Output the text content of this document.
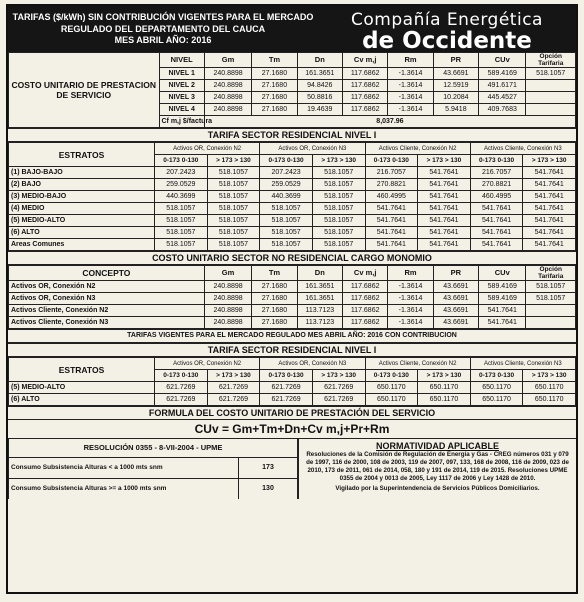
TARIFAS ($/kWh) SIN CONTRIBUCIÓN VIGENTES PARA EL MERCADO
REGULADO DEL DEPARTAMENTO DEL CAUCA
MES ABRIL AÑO: 2016
Compañía Energética
de Occidente
COSTO UNITARIO DE PRESTACION DE SERVICIO	NIVEL	Gm	Tm	Dn	Cv m,j	Rm	PR	CUv	Opción Tarifaria
	NIVEL 1	240.8898	27.1680	161.3651	117.6862	-1.3614	43.6691	589.4169	518.1057
	NIVEL 2	240.8898	27.1680	94.8426	117.6862	-1.3614	12.5919	491.6171	
	NIVEL 3	240.8898	27.1680	50.8816	117.6862	-1.3614	10.2084	445.4527	
	NIVEL 4	240.8898	27.1680	19.4639	117.6862	-1.3614	5.9418	409.7683	
	Cf m,j $/factura	8,037.96							
TARIFA SECTOR RESIDENCIAL NIVEL I
ESTRATOS	Activos OR, Conexión N2		Activos OR, Conexión N3		Activos Cliente, Conexión N2		Activos Cliente, Conexión N3	
	0-173 0-130	> 173 > 130	0-173 0-130	> 173 > 130	0-173 0-130	> 173 > 130	0-173 0-130	> 173 > 130
(1) BAJO-BAJO	207.2423	518.1057	207.2423	518.1057	216.7057	541.7641	216.7057	541.7641
(2) BAJO	259.0529	518.1057	259.0529	518.1057	270.8821	541.7641	270.8821	541.7641
(3) MEDIO-BAJO	440.3699	518.1057	440.3699	518.1057	460.4995	541.7641	460.4995	541.7641
(4) MEDIO	518.1057	518.1057	518.1057	518.1057	541.7641	541.7641	541.7641	541.7641
(5) MEDIO-ALTO	518.1057	518.1057	518.1057	518.1057	541.7641	541.7641	541.7641	541.7641
(6) ALTO	518.1057	518.1057	518.1057	518.1057	541.7641	541.7641	541.7641	541.7641
Areas Comunes	518.1057	518.1057	518.1057	518.1057	541.7641	541.7641	541.7641	541.7641
COSTO UNITARIO SECTOR NO RESIDENCIAL CARGO MONOMIO
CONCEPTO	Gm	Tm	Dn	Cv m,j	Rm	PR	CUv	Opción Tarifaria
Activos OR, Conexión N2	240.8898	27.1680	161.3651	117.6862	-1.3614	43.6691	589.4169	518.1057
Activos OR, Conexión N3	240.8898	27.1680	161.3651	117.6862	-1.3614	43.6691	589.4169	518.1057
Activos Cliente, Conexión N2	240.8898	27.1680	113.7123	117.6862	-1.3614	43.6691	541.7641	
Activos Cliente, Conexión N3	240.8898	27.1680	113.7123	117.6862	-1.3614	43.6691	541.7641	
TARIFAS VIGENTES PARA EL MERCADO REGULADO MES ABRIL AÑO: 2016 CON CONTRIBUCION
TARIFA SECTOR RESIDENCIAL NIVEL I
ESTRATOS	Activos OR, Conexión N2		Activos OR, Conexión N3		Activos Cliente, Conexión N2		Activos Cliente, Conexión N3	
	0-173 0-130	> 173 > 130	0-173 0-130	> 173 > 130	0-173 0-130	> 173 > 130	0-173 0-130	> 173 > 130
(5) MEDIO-ALTO	621.7269	621.7269	621.7269	621.7269	650.1170	650.1170	650.1170	650.1170
(6) ALTO	621.7269	621.7269	621.7269	621.7269	650.1170	650.1170	650.1170	650.1170
FORMULA DEL COSTO UNITARIO DE PRESTACIÓN DEL SERVICIO
CUv = Gm+Tm+Dn+Cv m,j+Pr+Rm
RESOLUCIÓN 0355 - 8-VII-2004 - UPME	
Consumo Subsistencia Alturas < a 1000 mts snm	173
Consumo Subsistencia Alturas >= a 1000 mts snm	130
NORMATIVIDAD APLICABLE
Resoluciones de la Comisión de Regulación de Energía y Gas - CREG números 031 y 079 de 1997, 116 de 2000, 108 de 2003, 119 de 2007, 097, 133, 168 de 2008, 116 de 2009, 023 de 2010, 173 de 2011, 061 de 2014, 058, 180 y 191 de 2014, 119 de 2015. Resoluciones UPME 0355 de 2004 y 0013 de 2005, Ley 1117 de 2006 y Ley 1428 de 2010.
Vigilado por la Superintendencia de Servicios Públicos Domiciliarios.
